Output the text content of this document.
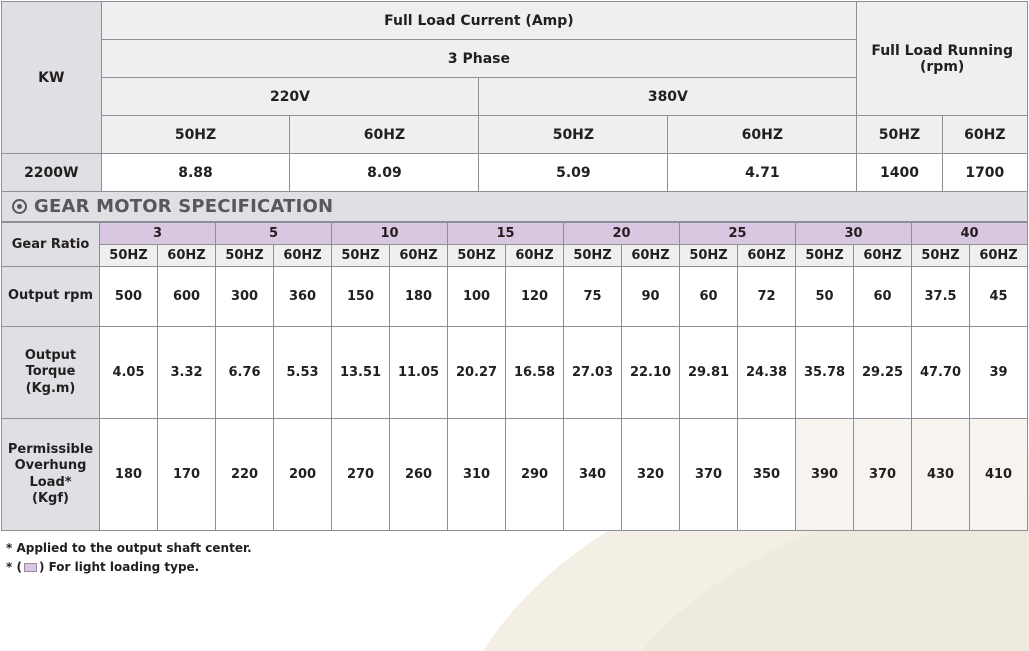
KW	Full Load Current (Amp)				Full Load Running (rpm)	
	3 Phase					
	220V		380V			
	50HZ	60HZ	50HZ	60HZ	50HZ	60HZ
2200W	8.88	8.09	5.09	4.71	1400	1700
GEAR MOTOR SPECIFICATION
Gear Ratio	3		5		10		15		20		25		30		40	
	50HZ	60HZ	50HZ	60HZ	50HZ	60HZ	50HZ	60HZ	50HZ	60HZ	50HZ	60HZ	50HZ	60HZ	50HZ	60HZ
Output rpm	500	600	300	360	150	180	100	120	75	90	60	72	50	60	37.5	45

Output Torque
(Kg.m)	4.05	3.32	6.76	5.53	13.51	11.05	20.27	16.58	27.03	22.10	29.81	24.38	35.78	29.25	47.70	39

Permissible
Overhung Load*
(Kgf)	180	170	220	200	270	260	310	290	340	320	370	350	390	370	430	410
* Applied to the output shaft center.
* ( ) For light loading type.
